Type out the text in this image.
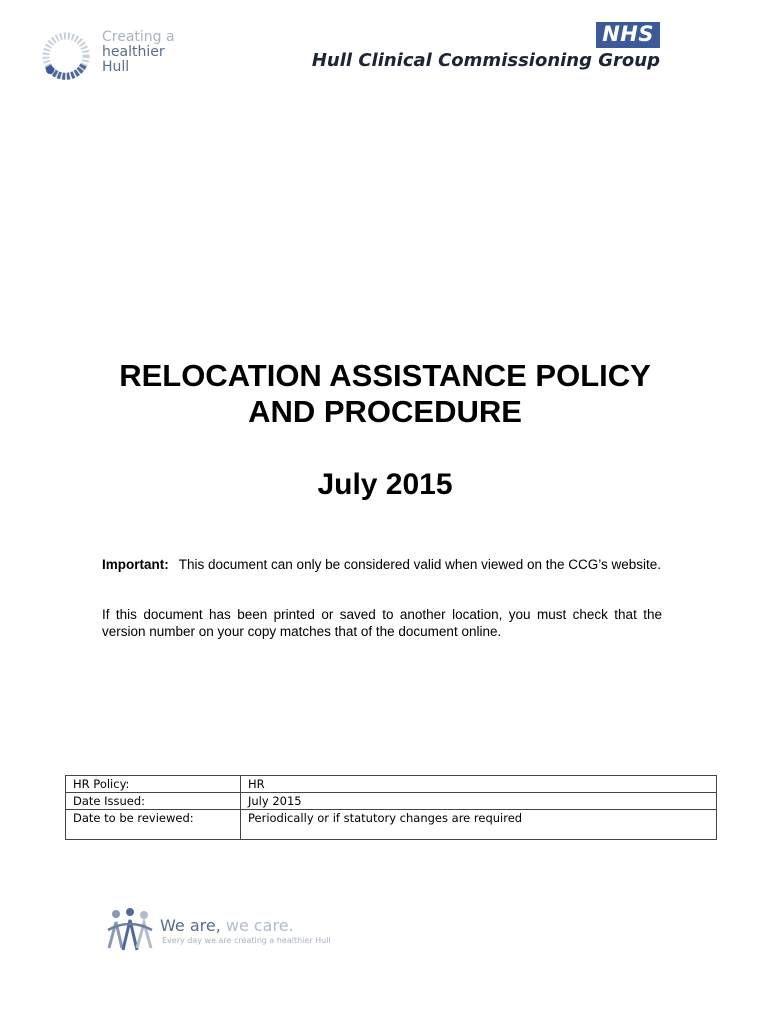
Creating a
healthier
Hull
NHS
Hull Clinical Commissioning Group
RELOCATION ASSISTANCE POLICY
AND PROCEDURE
July 2015

Important: This document can only be considered valid when viewed on the CCG’s website.

If this document has been printed or saved to another location, you must check that the version number on your copy matches that of the document online.

HR Policy:	HR
Date Issued:	July 2015
Date to be reviewed:	Periodically or if statutory changes are required
We are, we care.
Every day we are creating a healthier Hull
